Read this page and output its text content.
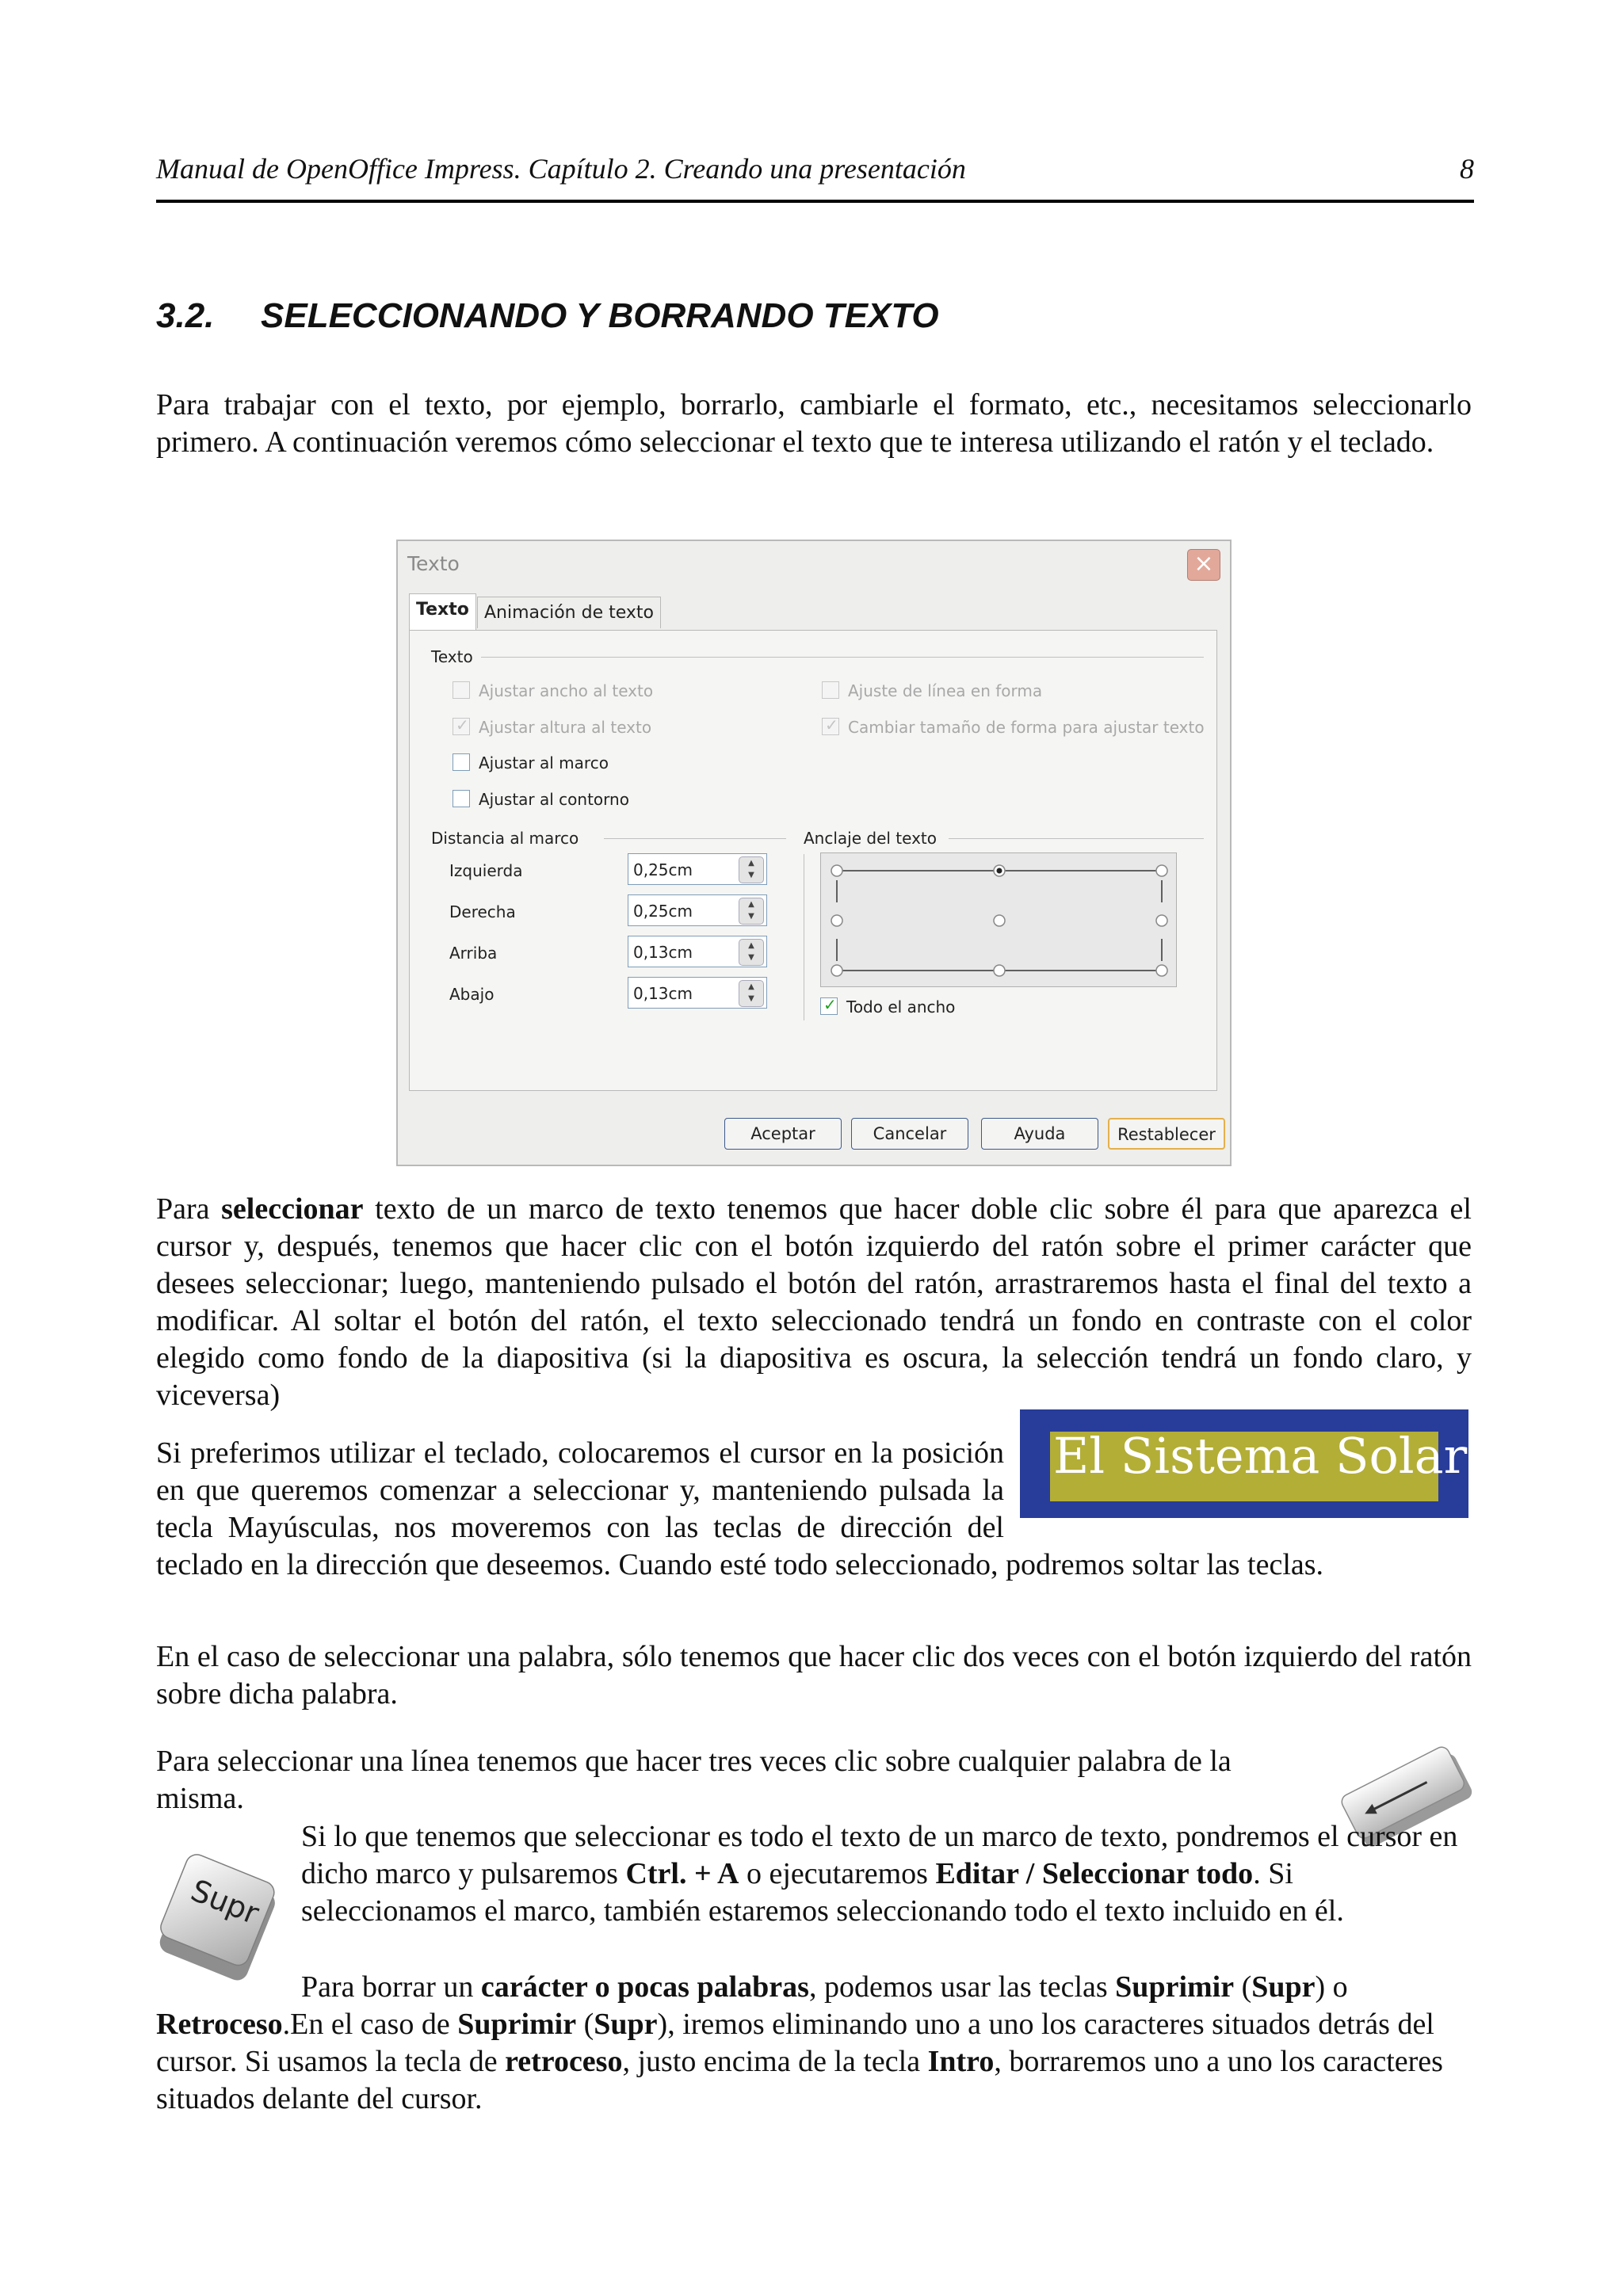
Manual de OpenOffice Impress. Capítulo 2. Creando una presentación	8
3.2. SELECCIONANDO Y BORRANDO TEXTO
Para trabajar con el texto, por ejemplo, borrarlo, cambiarle el formato, etc., necesitamos seleccionarlo primero. A continuación veremos cómo seleccionar el texto que te interesa utilizando el ratón y el teclado.
Texto	×
Texto Animación de texto
Texto
Ajustar ancho al texto	Ajuste de línea en forma
✓ Ajustar altura al texto	✓ Cambiar tamaño de forma para ajustar texto
Ajustar al marco
Ajustar al contorno
Distancia al marco
Izquierda	0,25cm	▲
▼
Derecha	0,25cm	▲
▼
Arriba	0,13cm	▲
▼
Abajo	0,13cm	▲
▼
Anclaje del texto
✓ Todo el ancho
Aceptar	Cancelar	Ayuda	Restablecer
Para seleccionar texto de un marco de texto tenemos que hacer doble clic sobre él para que aparezca el cursor y, después, tenemos que hacer clic con el botón izquierdo del ratón sobre el primer carácter que desees seleccionar; luego, manteniendo pulsado el botón del ratón, arrastraremos hasta el final del texto a modificar. Al soltar el botón del ratón, el texto seleccionado tendrá un fondo en contraste con el color elegido como fondo de la diapositiva (si la diapositiva es oscura, la selección tendrá un fondo claro, y viceversa)
El Sistema Solar
Si preferimos utilizar el teclado, colocaremos el cursor en la posición en que queremos comenzar a seleccionar y, manteniendo pulsada la tecla Mayúsculas, nos moveremos con las teclas de dirección del teclado en la dirección que deseemos. Cuando esté todo seleccionado, podremos soltar las teclas.
En el caso de seleccionar una palabra, sólo tenemos que hacer clic dos veces con el botón izquierdo del ratón sobre dicha palabra.
Para seleccionar una línea tenemos que hacer tres veces clic sobre cualquier palabra de la misma.
Supr
Si lo que tenemos que seleccionar es todo el texto de un marco de texto, pondremos el cursor en dicho marco y pulsaremos Ctrl. + A o ejecutaremos Editar / Seleccionar todo. Si seleccionamos el marco, también estaremos seleccionando todo el texto incluido en él.
Para borrar un carácter o pocas palabras, podemos usar las teclas Suprimir (Supr) o Retroceso.En el caso de Suprimir (Supr), iremos eliminando uno a uno los caracteres situados detrás del cursor. Si usamos la tecla de retroceso, justo encima de la tecla Intro, borraremos uno a uno los caracteres situados delante del cursor.
